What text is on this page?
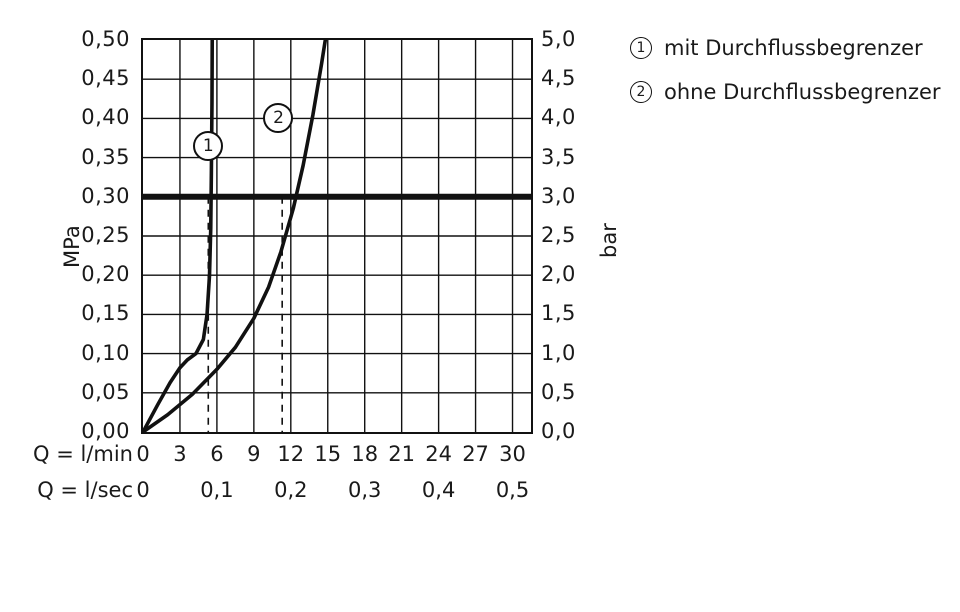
MPa	bar
0,50
0,45
0,40
0,35
0,30
0,25
0,20
0,15
0,10
0,05
0,00
5,0
4,5
4,0
3,5
3,0
2,5
2,0
1,5
1,0
0,5
0,0
Q = l/min 0	3	6	9 12 15 18 21 24 27 30
Q = l/sec 0	0,1	0,2	0,3	0,4	0,5
1
2
1 mit Durchflussbegrenzer
2 ohne Durchflussbegrenzer
